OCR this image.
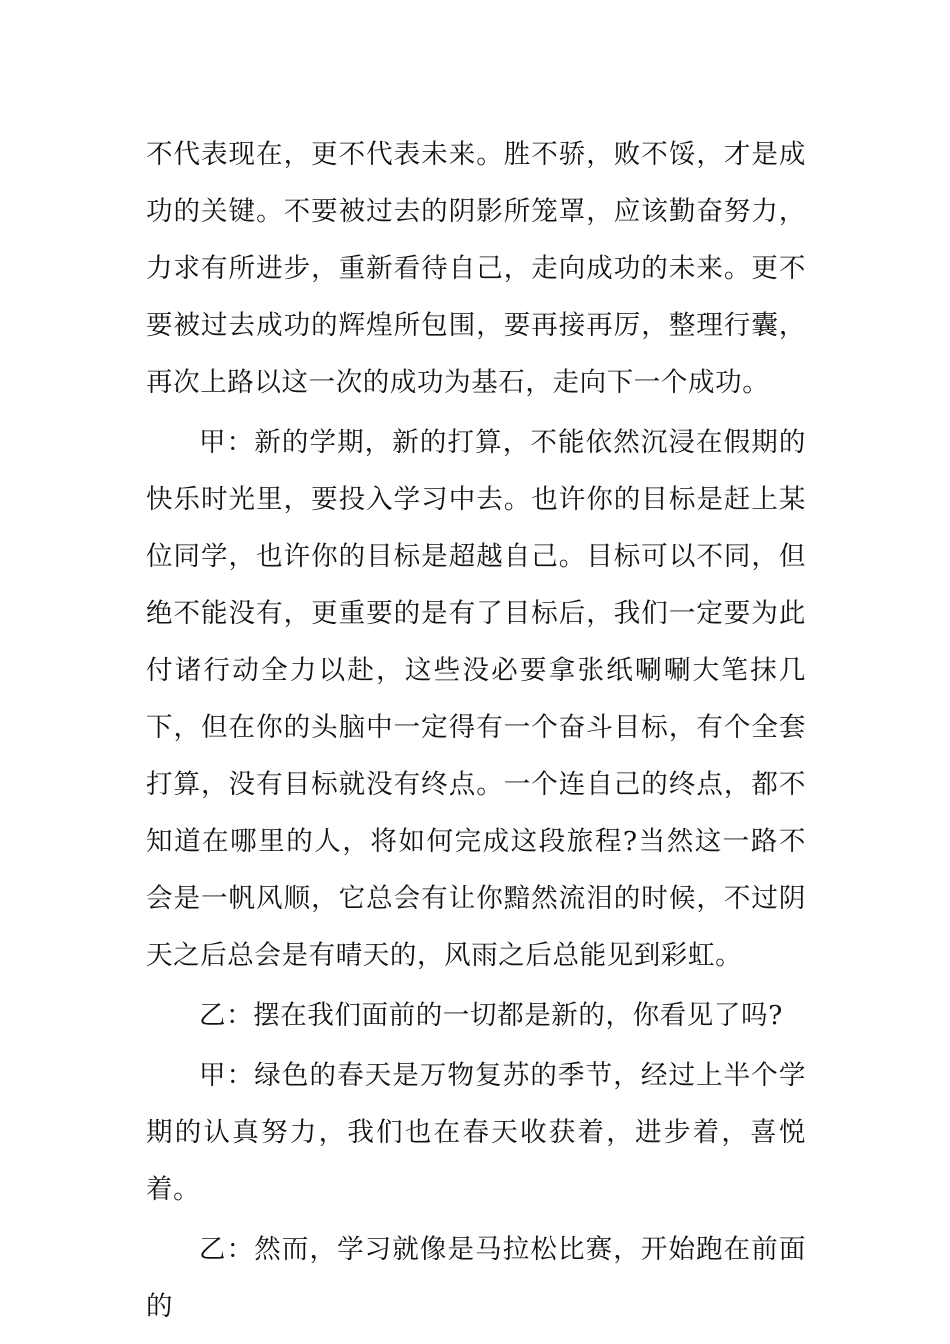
不代表现在，更不代表未来。胜不骄，败不馁，才是成功的关键。不要被过去的阴影所笼罩，应该勤奋努力，力求有所进步，重新看待自己，走向成功的未来。更不要被过去成功的辉煌所包围，要再接再厉，整理行囊，再次上路以这一次的成功为基石，走向下一个成功。

甲：新的学期，新的打算，不能依然沉浸在假期的快乐时光里，要投入学习中去。也许你的目标是赶上某位同学，也许你的目标是超越自己。目标可以不同，但绝不能没有，更重要的是有了目标后，我们一定要为此付诸行动全力以赴，这些没必要拿张纸唰唰大笔抹几下，但在你的头脑中一定得有一个奋斗目标，有个全套打算，没有目标就没有终点。一个连自己的终点，都不知道在哪里的人，将如何完成这段旅程?当然这一路不会是一帆风顺，它总会有让你黯然流泪的时候，不过阴天之后总会是有晴天的，风雨之后总能见到彩虹。

乙：摆在我们面前的一切都是新的，你看见了吗?

甲：绿色的春天是万物复苏的季节，经过上半个学期的认真努力，我们也在春天收获着，进步着，喜悦着。

乙：然而，学习就像是马拉松比赛，开始跑在前面的
